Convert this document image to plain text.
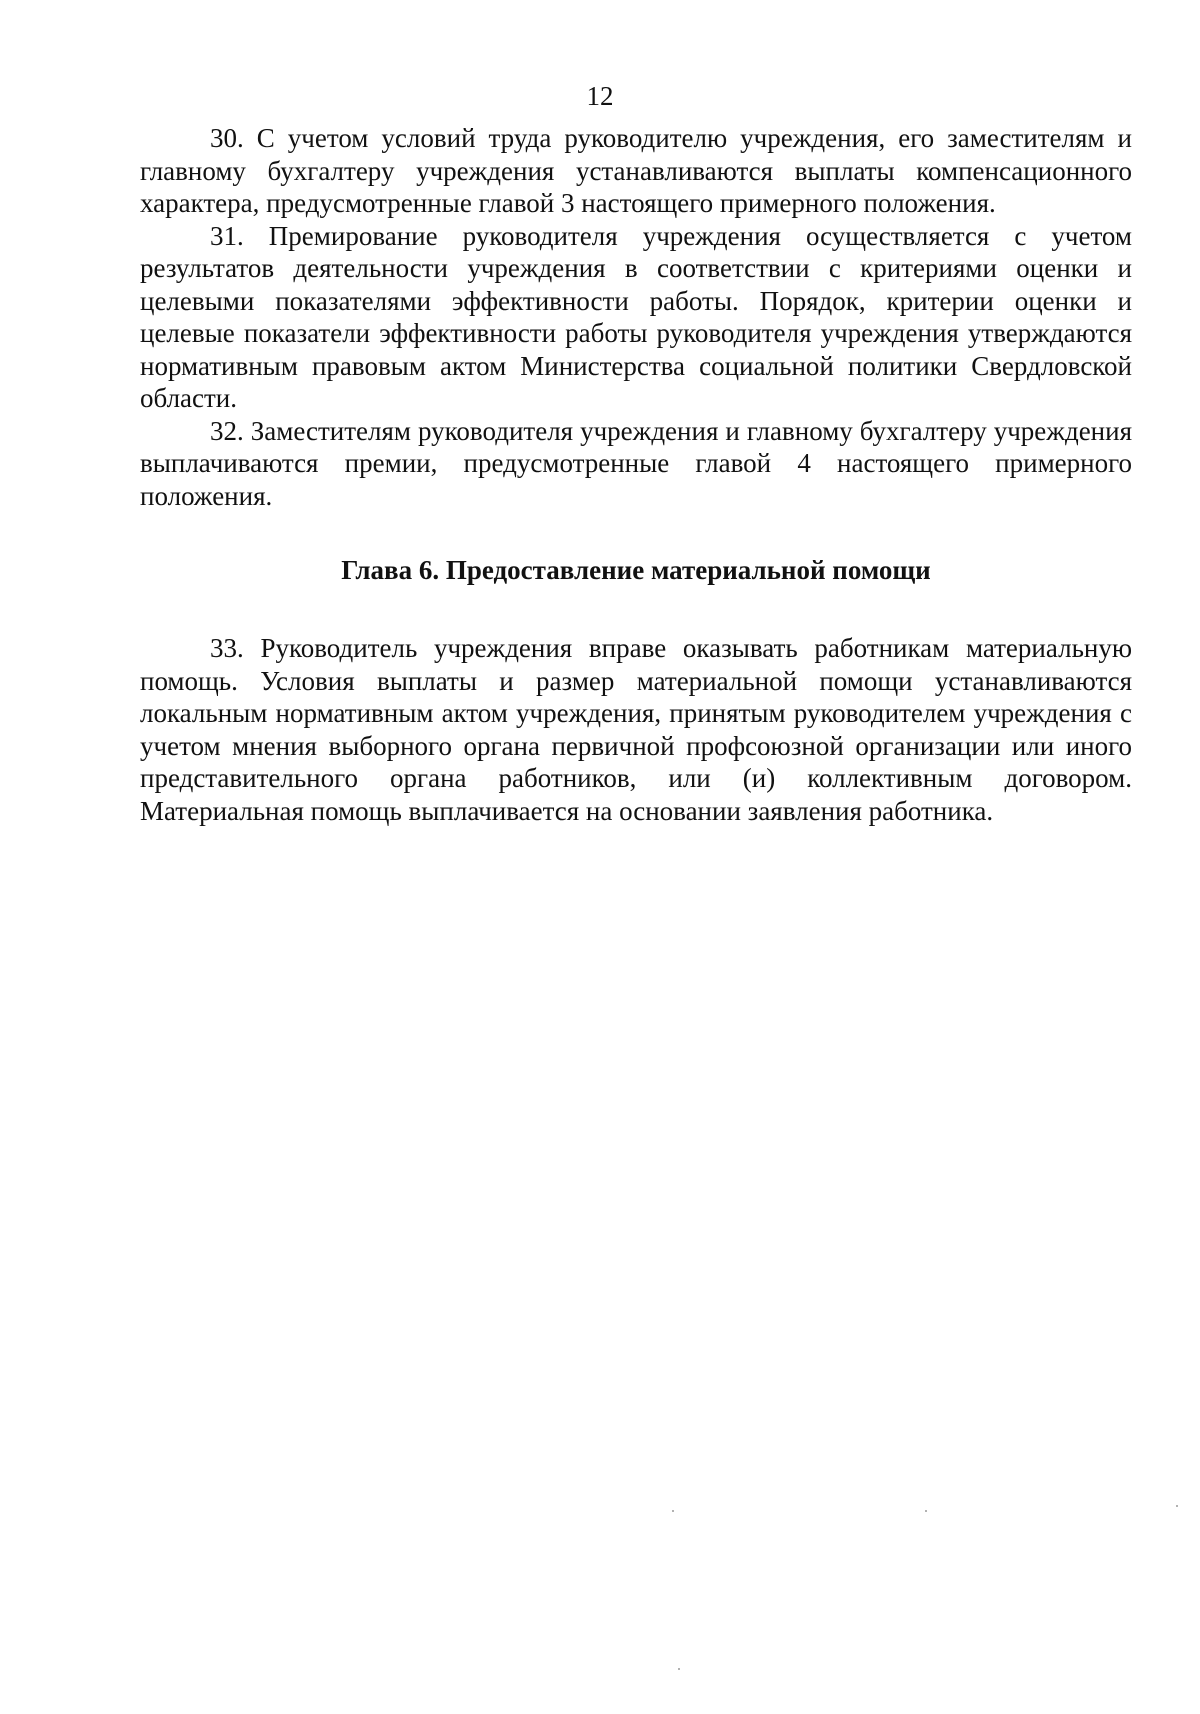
12

30. С учетом условий труда руководителю учреждения, его заместителям и главному бухгалтеру учреждения устанавливаются выплаты компенсационного характера, предусмотренные главой 3 настоящего примерного положения.

31. Премирование руководителя учреждения осуществляется с учетом результатов деятельности учреждения в соответствии с критериями оценки и целевыми показателями эффективности работы. Порядок, критерии оценки и целевые показатели эффективности работы руководителя учреждения утверждаются нормативным правовым актом Министерства социальной политики Свердловской области.

32. Заместителям руководителя учреждения и главному бухгалтеру учреждения выплачиваются премии, предусмотренные главой 4 настоящего примерного положения.

Глава 6. Предоставление материальной помощи

33. Руководитель учреждения вправе оказывать работникам материальную помощь. Условия выплаты и размер материальной помощи устанавливаются локальным нормативным актом учреждения, принятым руководителем учреждения с учетом мнения выборного органа первичной профсоюзной организации или иного представительного органа работников, или (и) коллективным договором. Материальная помощь выплачивается на основании заявления работника.
